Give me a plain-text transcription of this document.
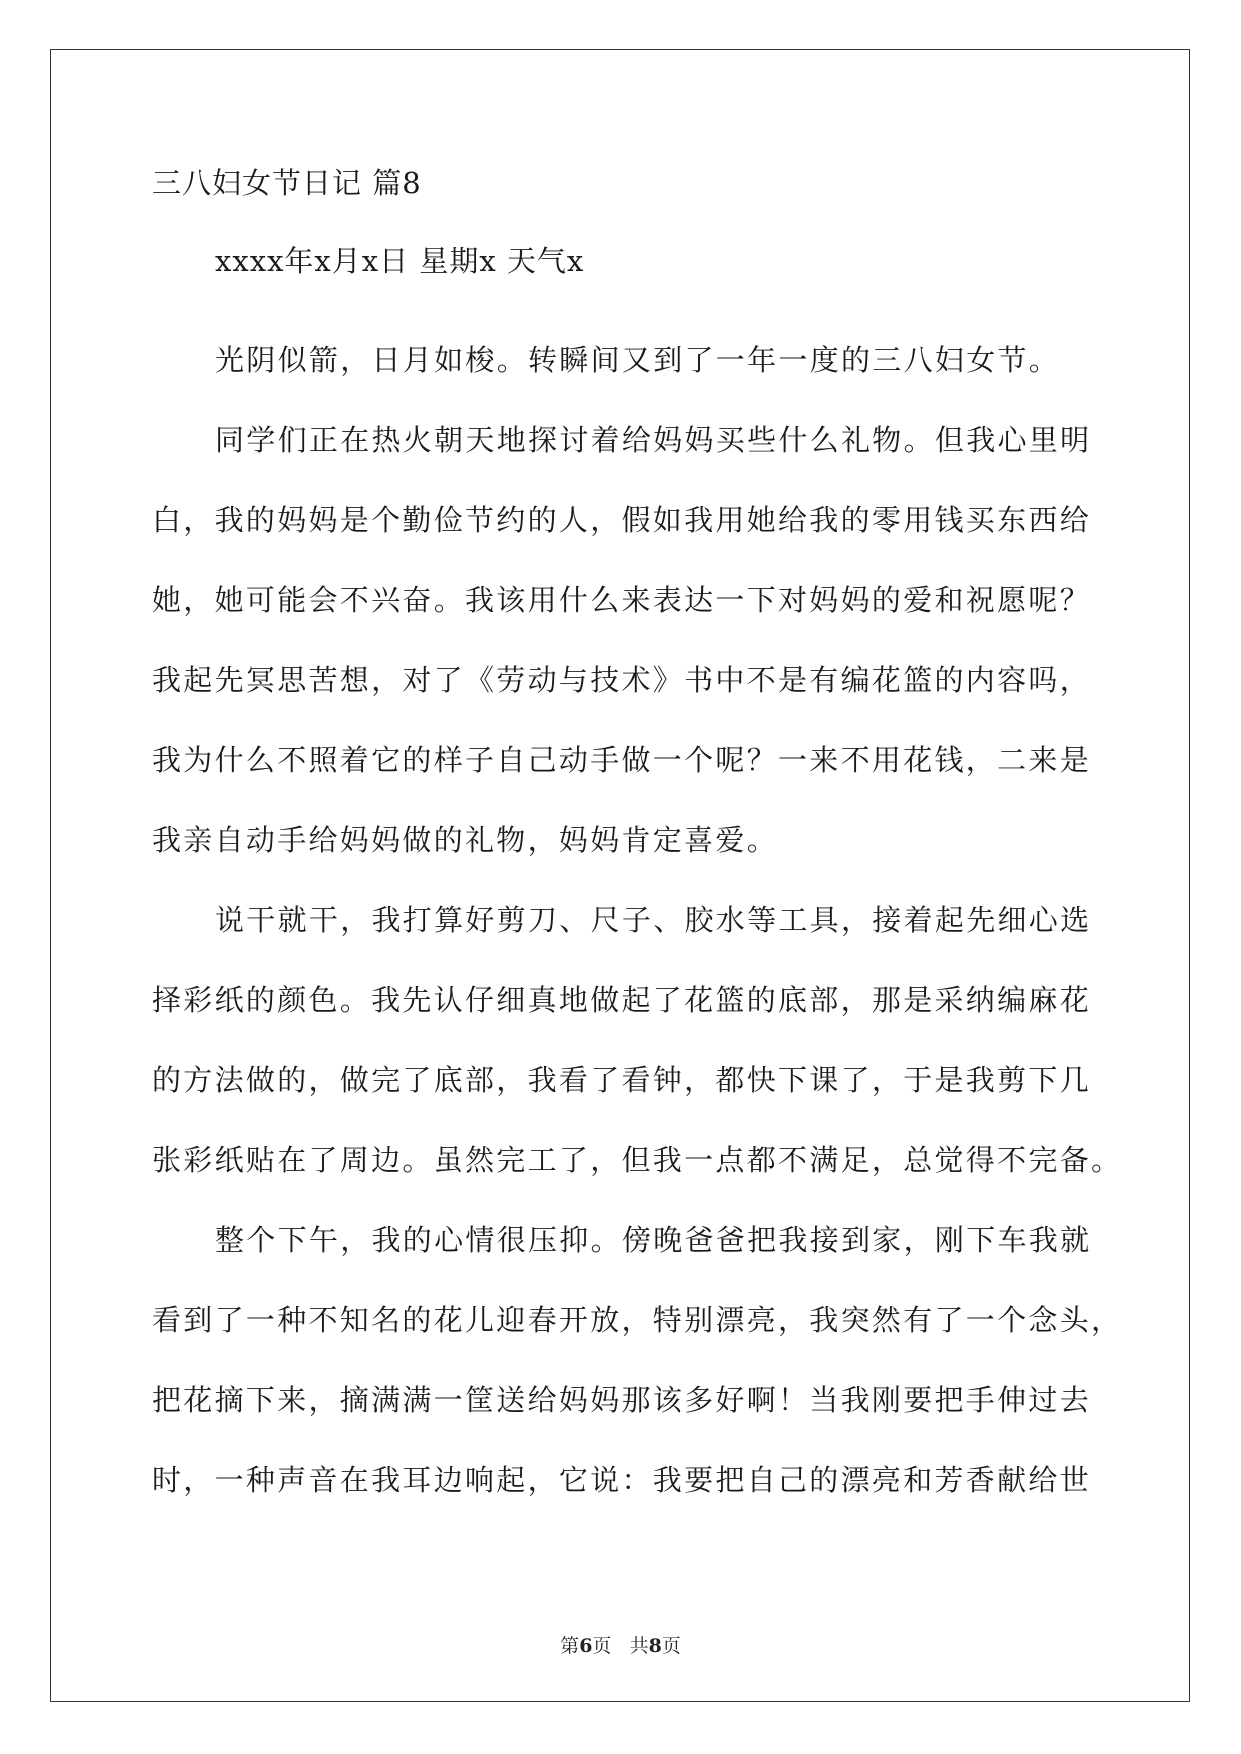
三八妇女节日记 篇8
xxxx年x月x日 星期x 天气x
光阴似箭，日月如梭。转瞬间又到了一年一度的三八妇女节。
同学们正在热火朝天地探讨着给妈妈买些什么礼物。但我心里明
白，我的妈妈是个勤俭节约的人，假如我用她给我的零用钱买东西给
她，她可能会不兴奋。我该用什么来表达一下对妈妈的爱和祝愿呢？
我起先冥思苦想，对了《劳动与技术》书中不是有编花篮的内容吗，
我为什么不照着它的样子自己动手做一个呢？一来不用花钱，二来是
我亲自动手给妈妈做的礼物，妈妈肯定喜爱。
说干就干，我打算好剪刀、尺子、胶水等工具，接着起先细心选
择彩纸的颜色。我先认仔细真地做起了花篮的底部，那是采纳编麻花
的方法做的，做完了底部，我看了看钟，都快下课了，于是我剪下几
张彩纸贴在了周边。虽然完工了，但我一点都不满足，总觉得不完备。
整个下午，我的心情很压抑。傍晚爸爸把我接到家，刚下车我就
看到了一种不知名的花儿迎春开放，特别漂亮，我突然有了一个念头，
把花摘下来，摘满满一筐送给妈妈那该多好啊！当我刚要把手伸过去
时，一种声音在我耳边响起，它说：我要把自己的漂亮和芳香献给世
第6页 共8页
